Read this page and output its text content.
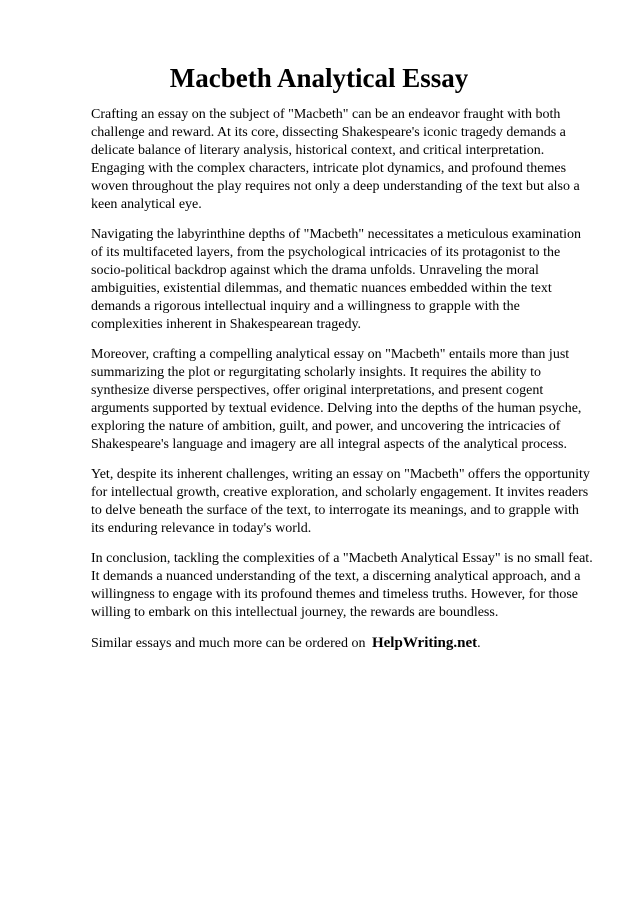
Macbeth Analytical Essay

Crafting an essay on the subject of "Macbeth" can be an endeavor fraught with both challenge and reward. At its core, dissecting Shakespeare's iconic tragedy demands a delicate balance of literary analysis, historical context, and critical interpretation. Engaging with the complex characters, intricate plot dynamics, and profound themes woven throughout the play requires not only a deep understanding of the text but also a keen analytical eye.

Navigating the labyrinthine depths of "Macbeth" necessitates a meticulous examination of its multifaceted layers, from the psychological intricacies of its protagonist to the socio-political backdrop against which the drama unfolds. Unraveling the moral ambiguities, existential dilemmas, and thematic nuances embedded within the text demands a rigorous intellectual inquiry and a willingness to grapple with the complexities inherent in Shakespearean tragedy.

Moreover, crafting a compelling analytical essay on "Macbeth" entails more than just summarizing the plot or regurgitating scholarly insights. It requires the ability to synthesize diverse perspectives, offer original interpretations, and present cogent arguments supported by textual evidence. Delving into the depths of the human psyche, exploring the nature of ambition, guilt, and power, and uncovering the intricacies of Shakespeare's language and imagery are all integral aspects of the analytical process.

Yet, despite its inherent challenges, writing an essay on "Macbeth" offers the opportunity for intellectual growth, creative exploration, and scholarly engagement. It invites readers to delve beneath the surface of the text, to interrogate its meanings, and to grapple with its enduring relevance in today's world.

In conclusion, tackling the complexities of a "Macbeth Analytical Essay" is no small feat. It demands a nuanced understanding of the text, a discerning analytical approach, and a willingness to engage with its profound themes and timeless truths. However, for those willing to embark on this intellectual journey, the rewards are boundless.

Similar essays and much more can be ordered on HelpWriting.net.
